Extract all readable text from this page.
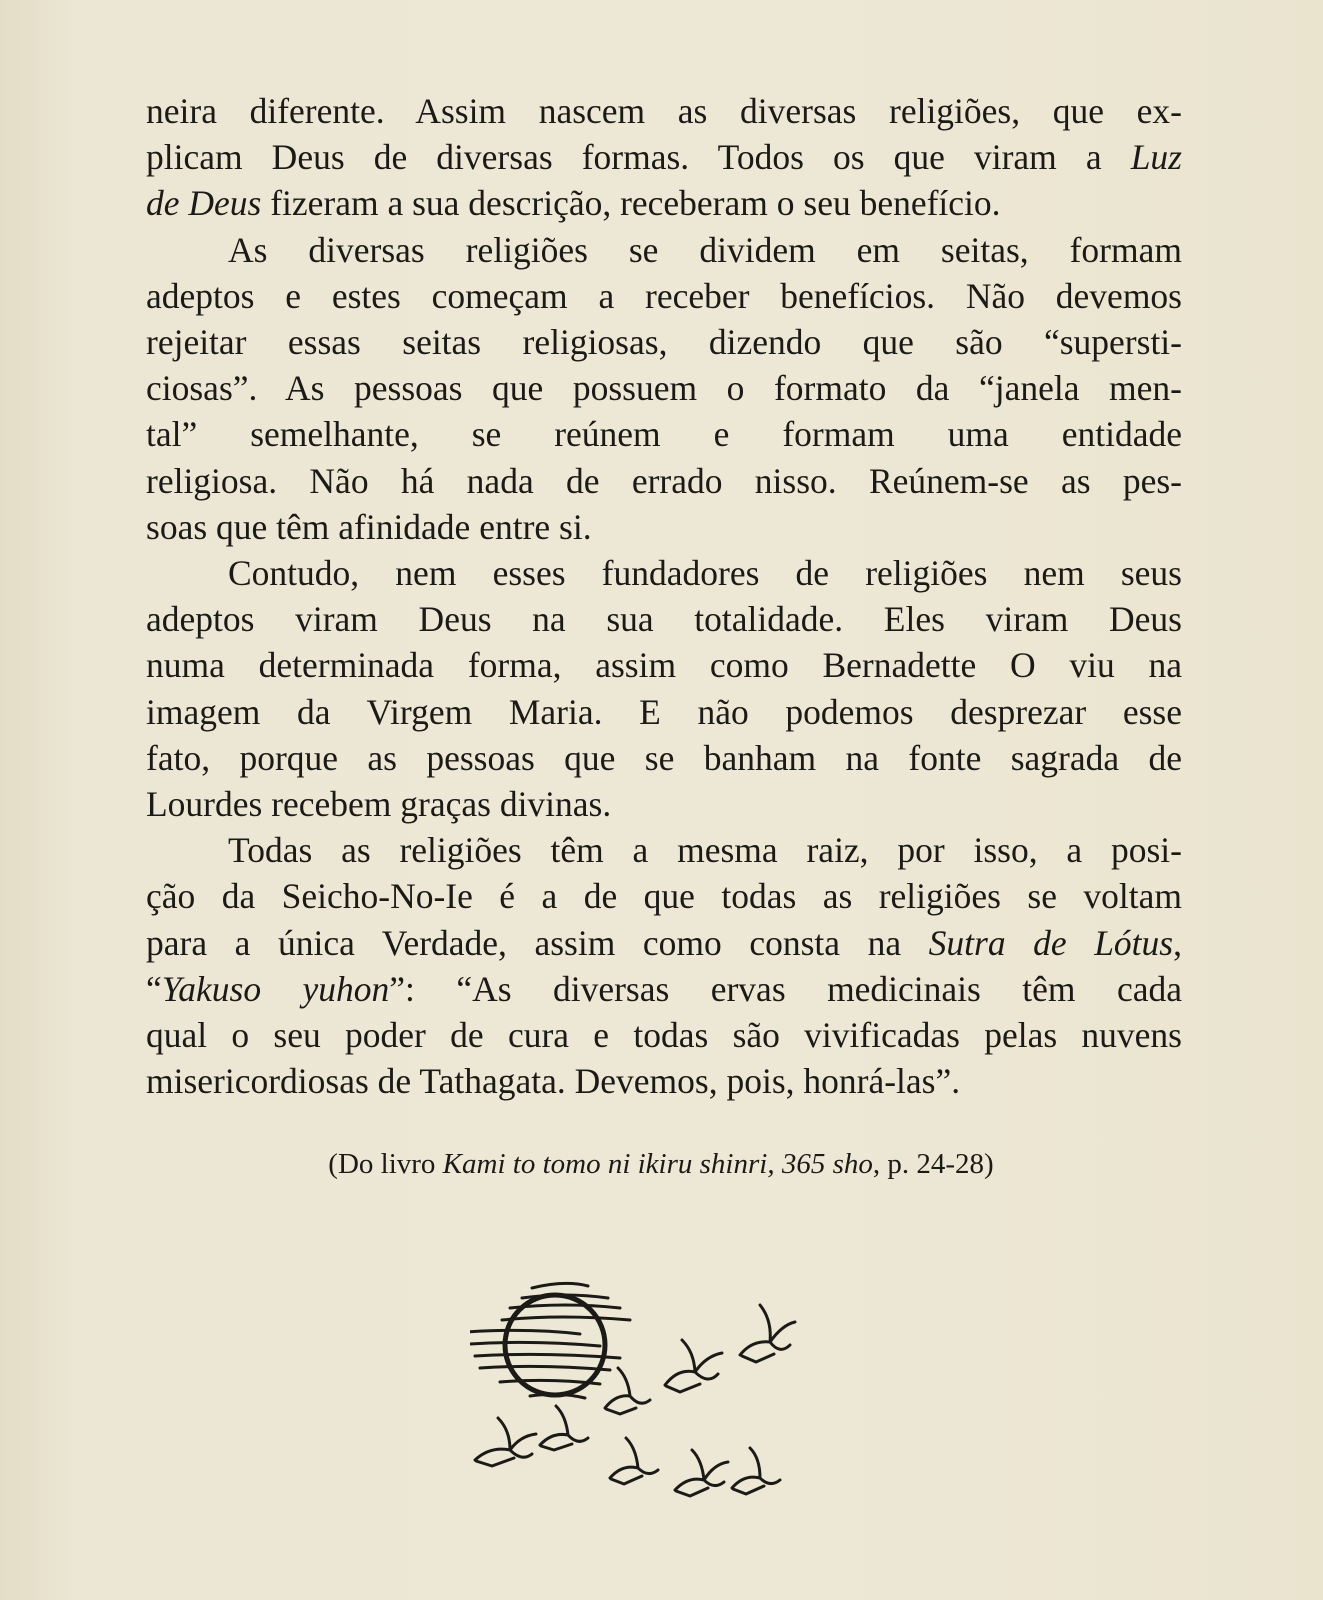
neira diferente. Assim nascem as diversas religiões, que ex-
plicam Deus de diversas formas. Todos os que viram a Luz
de Deus fizeram a sua descrição, receberam o seu benefício.
As diversas religiões se dividem em seitas, formam
adeptos e estes começam a receber benefícios. Não devemos
rejeitar essas seitas religiosas, dizendo que são “supersti-
ciosas”. As pessoas que possuem o formato da “janela men-
tal” semelhante, se reúnem e formam uma entidade
religiosa. Não há nada de errado nisso. Reúnem-se as pes-
soas que têm afinidade entre si.
Contudo, nem esses fundadores de religiões nem seus
adeptos viram Deus na sua totalidade. Eles viram Deus
numa determinada forma, assim como Bernadette O viu na
imagem da Virgem Maria. E não podemos desprezar esse
fato, porque as pessoas que se banham na fonte sagrada de
Lourdes recebem graças divinas.
Todas as religiões têm a mesma raiz, por isso, a posi-
ção da Seicho-No-Ie é a de que todas as religiões se voltam
para a única Verdade, assim como consta na Sutra de Lótus,
“Yakuso yuhon”: “As diversas ervas medicinais têm cada
qual o seu poder de cura e todas são vivificadas pelas nuvens
misericordiosas de Tathagata. Devemos, pois, honrá-las”.
(Do livro Kami to tomo ni ikiru shinri, 365 sho, p. 24-28)
